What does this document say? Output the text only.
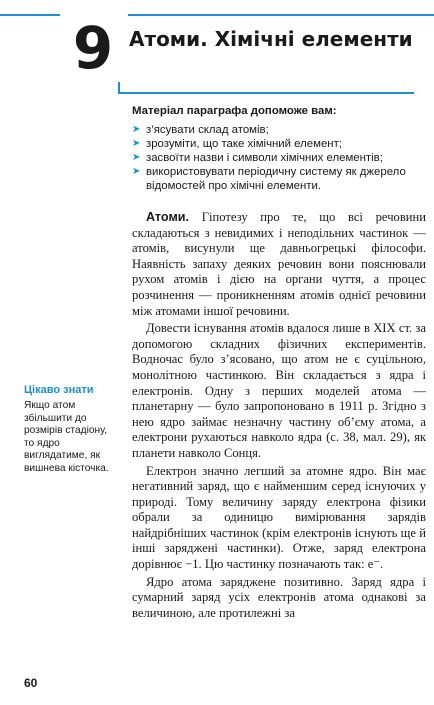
9 Атоми. Хімічні елементи
Матеріал параграфа допоможе вам:
➤ з’ясувати склад атомів;
➤ зрозуміти, що таке хімічний елемент;
➤ засвоїти назви і символи хімічних елементів;
➤ використовувати періодичну систему як джерело відомостей про хімічні елементи.
Цікаво знати
Якщо атом збільшити до розмірів стадіону, то ядро виглядатиме, як вишнева кісточка.

Атоми. Гіпотезу про те, що всі речовини складаються з невидимих і неподільних частинок — атомів, висунули ще давньогрецькі філософи. Наявність запаху деяких речовин вони пояснювали рухом атомів і дією на органи чуття, а процес розчинення — проникненням атомів однієї речовини між атомами іншої речовини.

Довести існування атомів вдалося лише в XIX ст. за допомогою складних фізичних експериментів. Водночас було з’ясовано, що атом не є суцільною, монолітною частинкою. Він складається з ядра і електронів. Одну з перших моделей атома — планетарну — було запропоновано в 1911 р. Згідно з нею ядро займає незначну частину об’єму атома, а електрони рухаються навколо ядра (с. 38, мал. 29), як планети навколо Сонця.

Електрон значно легший за атомне ядро. Він має негативний заряд, що є найменшим серед існуючих у природі. Тому величину заряду електрона фізики обрали за одиницю вимірювання зарядів найдрібніших частинок (крім електронів існують ще й інші заряджені частинки). Отже, заряд електрона дорівнює −1. Цю частинку позначають так: e⁻.

Ядро атома заряджене позитивно. Заряд ядра і сумарний заряд усіх електронів атома однакові за величиною, але протилежні за

60
